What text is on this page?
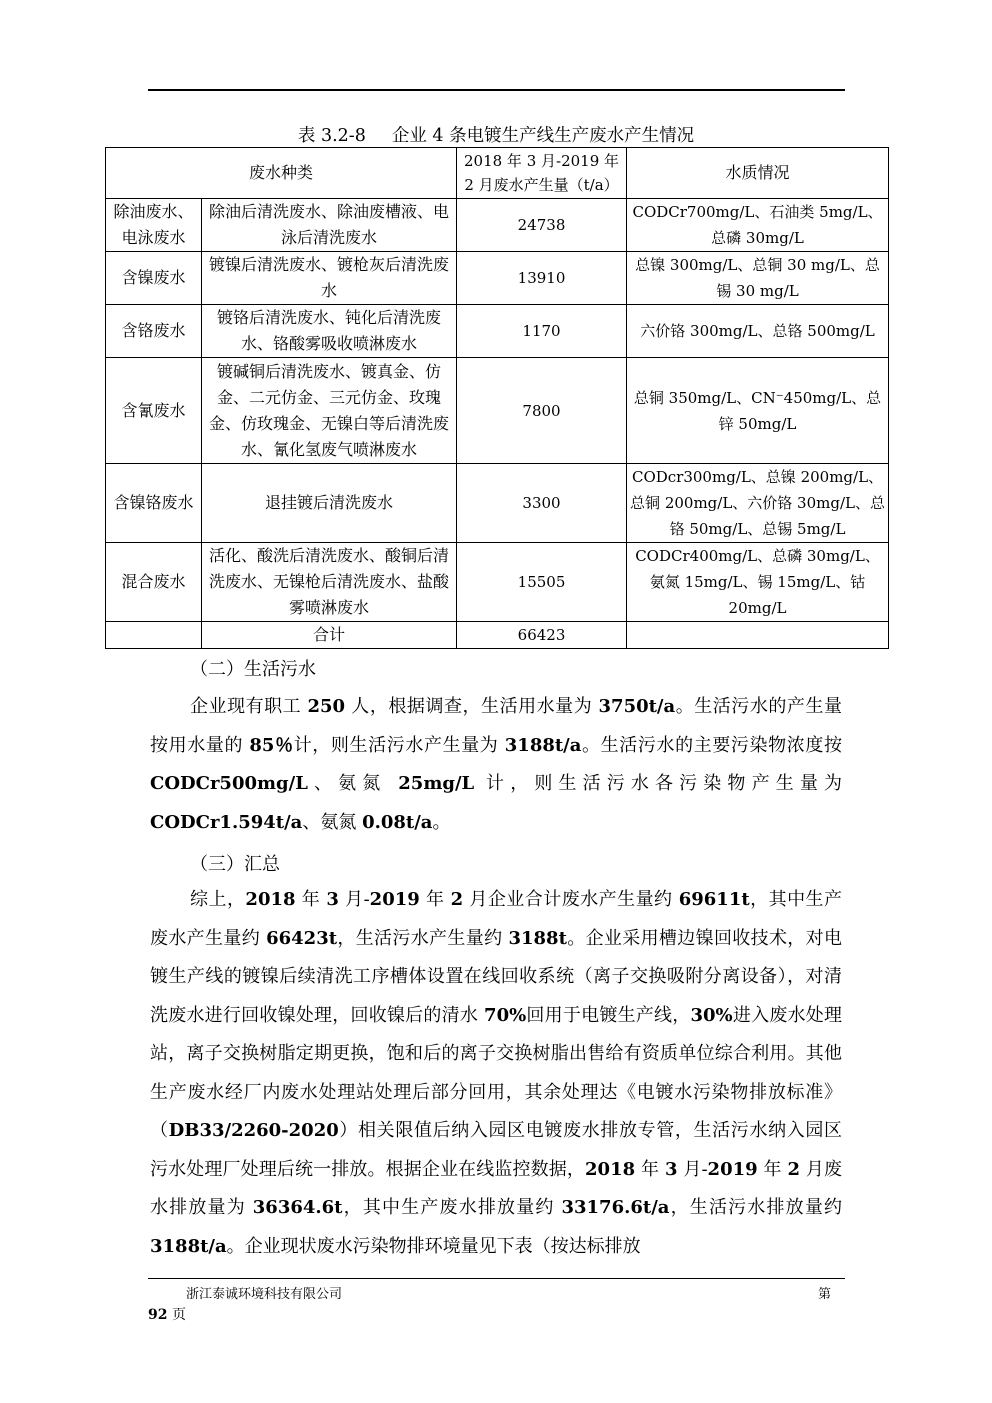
表 3.2-8 企业 4 条电镀生产线生产废水产生情况
废水种类		2018 年 3 月-2019 年 2 月废水产生量（t/a）	水质情况
除油废水、电泳废水	除油后清洗废水、除油废槽液、电泳后清洗废水	24738	CODCr700mg/L、石油类 5mg/L、总磷 30mg/L
含镍废水	镀镍后清洗废水、镀枪灰后清洗废水	13910	总镍 300mg/L、总铜 30 mg/L、总锡 30 mg/L
含铬废水	镀铬后清洗废水、钝化后清洗废水、铬酸雾吸收喷淋废水	1170	六价铬 300mg/L、总铬 500mg/L
含氰废水	镀碱铜后清洗废水、镀真金、仿金、二元仿金、三元仿金、玫瑰金、仿玫瑰金、无镍白等后清洗废水、氰化氢废气喷淋废水	7800	总铜 350mg/L、CN⁻450mg/L、总锌 50mg/L
含镍铬废水	退挂镀后清洗废水	3300	CODcr300mg/L、总镍 200mg/L、总铜 200mg/L、六价铬 30mg/L、总铬 50mg/L、总锡 5mg/L
混合废水	活化、酸洗后清洗废水、酸铜后清洗废水、无镍枪后清洗废水、盐酸雾喷淋废水	15505	CODCr400mg/L、总磷 30mg/L、氨氮 15mg/L、锡 15mg/L、钴 20mg/L
	合计	66423	
（二）生活污水

企业现有职工 250 人，根据调查，生活用水量为 3750t/a。生活污水的产生量按用水量的 85％计，则生活污水产生量为 3188t/a。生活污水的主要污染物浓度按 CODCr500mg/L、氨氮 25mg/L 计，则生活污水各污染物产生量为 CODCr1.594t/a、氨氮 0.08t/a。

（三）汇总

综上，2018 年 3 月-2019 年 2 月企业合计废水产生量约 69611t，其中生产废水产生量约 66423t，生活污水产生量约 3188t。企业采用槽边镍回收技术，对电镀生产线的镀镍后续清洗工序槽体设置在线回收系统（离子交换吸附分离设备），对清洗废水进行回收镍处理，回收镍后的清水 70%回用于电镀生产线，30%进入废水处理站，离子交换树脂定期更换，饱和后的离子交换树脂出售给有资质单位综合利用。其他生产废水经厂内废水处理站处理后部分回用，其余处理达《电镀水污染物排放标准》（DB33/2260-2020）相关限值后纳入园区电镀废水排放专管，生活污水纳入园区污水处理厂处理后统一排放。根据企业在线监控数据，2018 年 3 月-2019 年 2 月废水排放量为 36364.6t，其中生产废水排放量约 33176.6t/a，生活污水排放量约 3188t/a。企业现状废水污染物排环境量见下表（按达标排放

浙江泰诚环境科技有限公司	第
92 页
